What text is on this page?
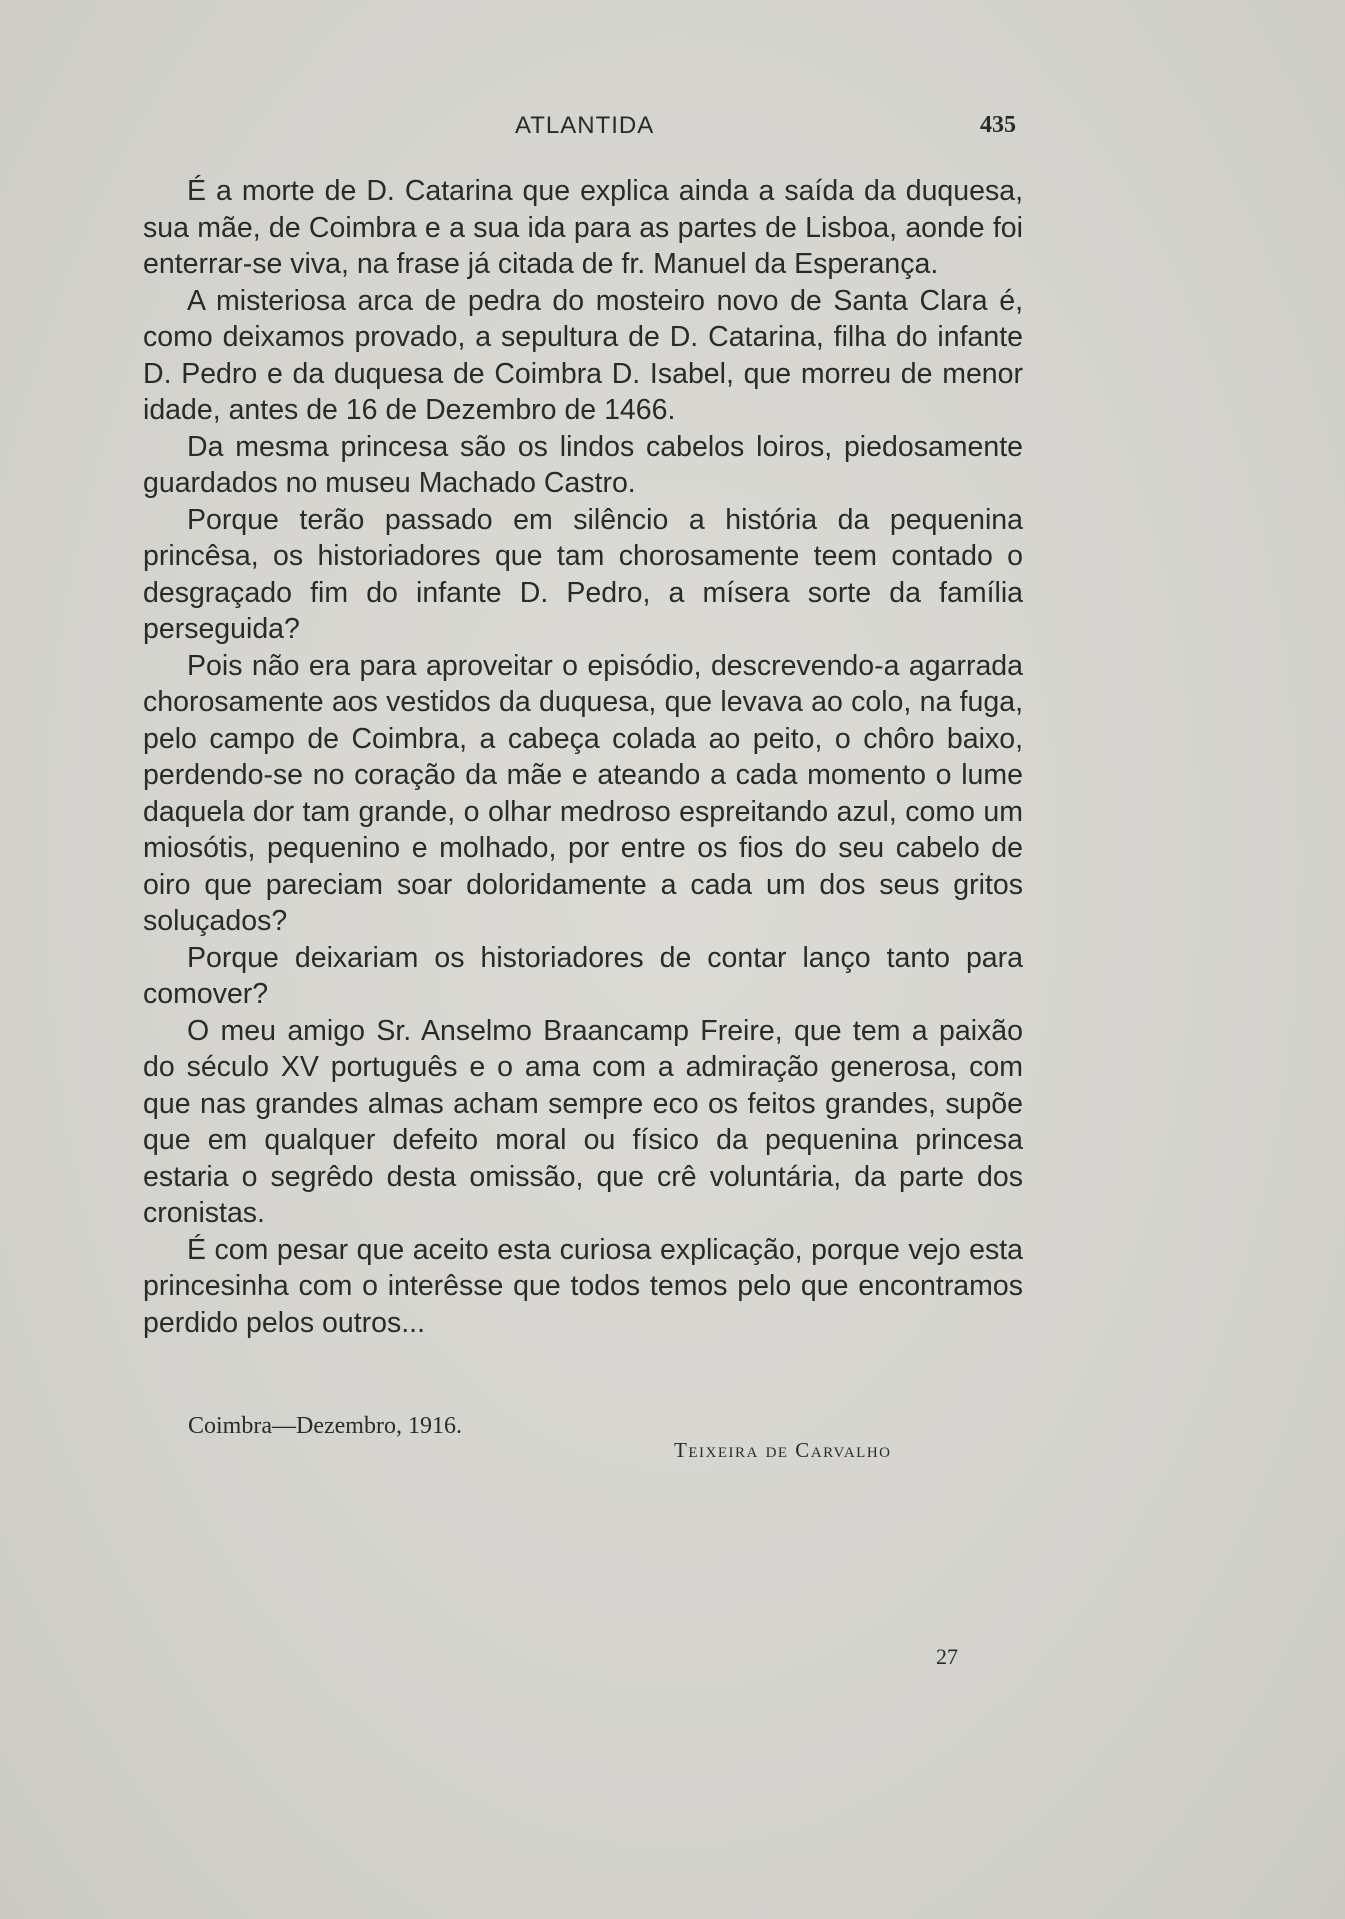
ATLANTIDA	435

É a morte de D. Catarina que explica ainda a saída da duquesa, sua mãe, de Coimbra e a sua ida para as partes de Lisboa, aonde foi enterrar-se viva, na frase já citada de fr. Manuel da Esperança.

A misteriosa arca de pedra do mosteiro novo de Santa Clara é, como deixamos provado, a sepultura de D. Catarina, filha do infante D. Pedro e da duquesa de Coimbra D. Isabel, que morreu de menor idade, antes de 16 de Dezembro de 1466.

Da mesma princesa são os lindos cabelos loiros, piedosamente guardados no museu Machado Castro.

Porque terão passado em silêncio a história da pequenina princêsa, os historiadores que tam chorosamente teem contado o desgraçado fim do infante D. Pedro, a mísera sorte da família perseguida?

Pois não era para aproveitar o episódio, descrevendo-a agarrada chorosamente aos vestidos da duquesa, que levava ao colo, na fuga, pelo campo de Coimbra, a cabeça colada ao peito, o chôro baixo, perdendo-se no coração da mãe e ateando a cada momento o lume daquela dor tam grande, o olhar medroso espreitando azul, como um miosótis, pequenino e molhado, por entre os fios do seu cabelo de oiro que pareciam soar doloridamente a cada um dos seus gritos soluçados?

Porque deixariam os historiadores de contar lanço tanto para comover?

O meu amigo Sr. Anselmo Braancamp Freire, que tem a paixão do século XV português e o ama com a admiração generosa, com que nas grandes almas acham sempre eco os feitos grandes, supõe que em qualquer defeito moral ou físico da pequenina princesa estaria o segrêdo desta omissão, que crê voluntária, da parte dos cronistas.

É com pesar que aceito esta curiosa explicação, porque vejo esta princesinha com o interêsse que todos temos pelo que encontramos perdido pelos outros...

Coimbra—Dezembro, 1916.
Teixeira de Carvalho
27
